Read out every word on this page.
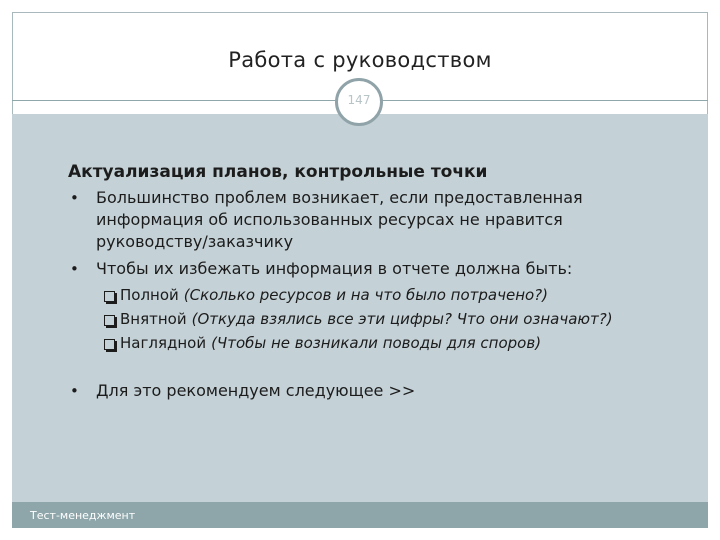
Работа с руководством
147
Актуализация планов, контрольные точки
• Большинство проблем возникает, если предоставленная
информация об использованных ресурсах не нравится
руководству/заказчику
• Чтобы их избежать информация в отчете должна быть:
Полной (Сколько ресурсов и на что было потрачено?)
Внятной (Откуда взялись все эти цифры? Что они означают?)
Наглядной (Чтобы не возникали поводы для споров)
• Для это рекомендуем следующее >>
Тест-менеджмент
